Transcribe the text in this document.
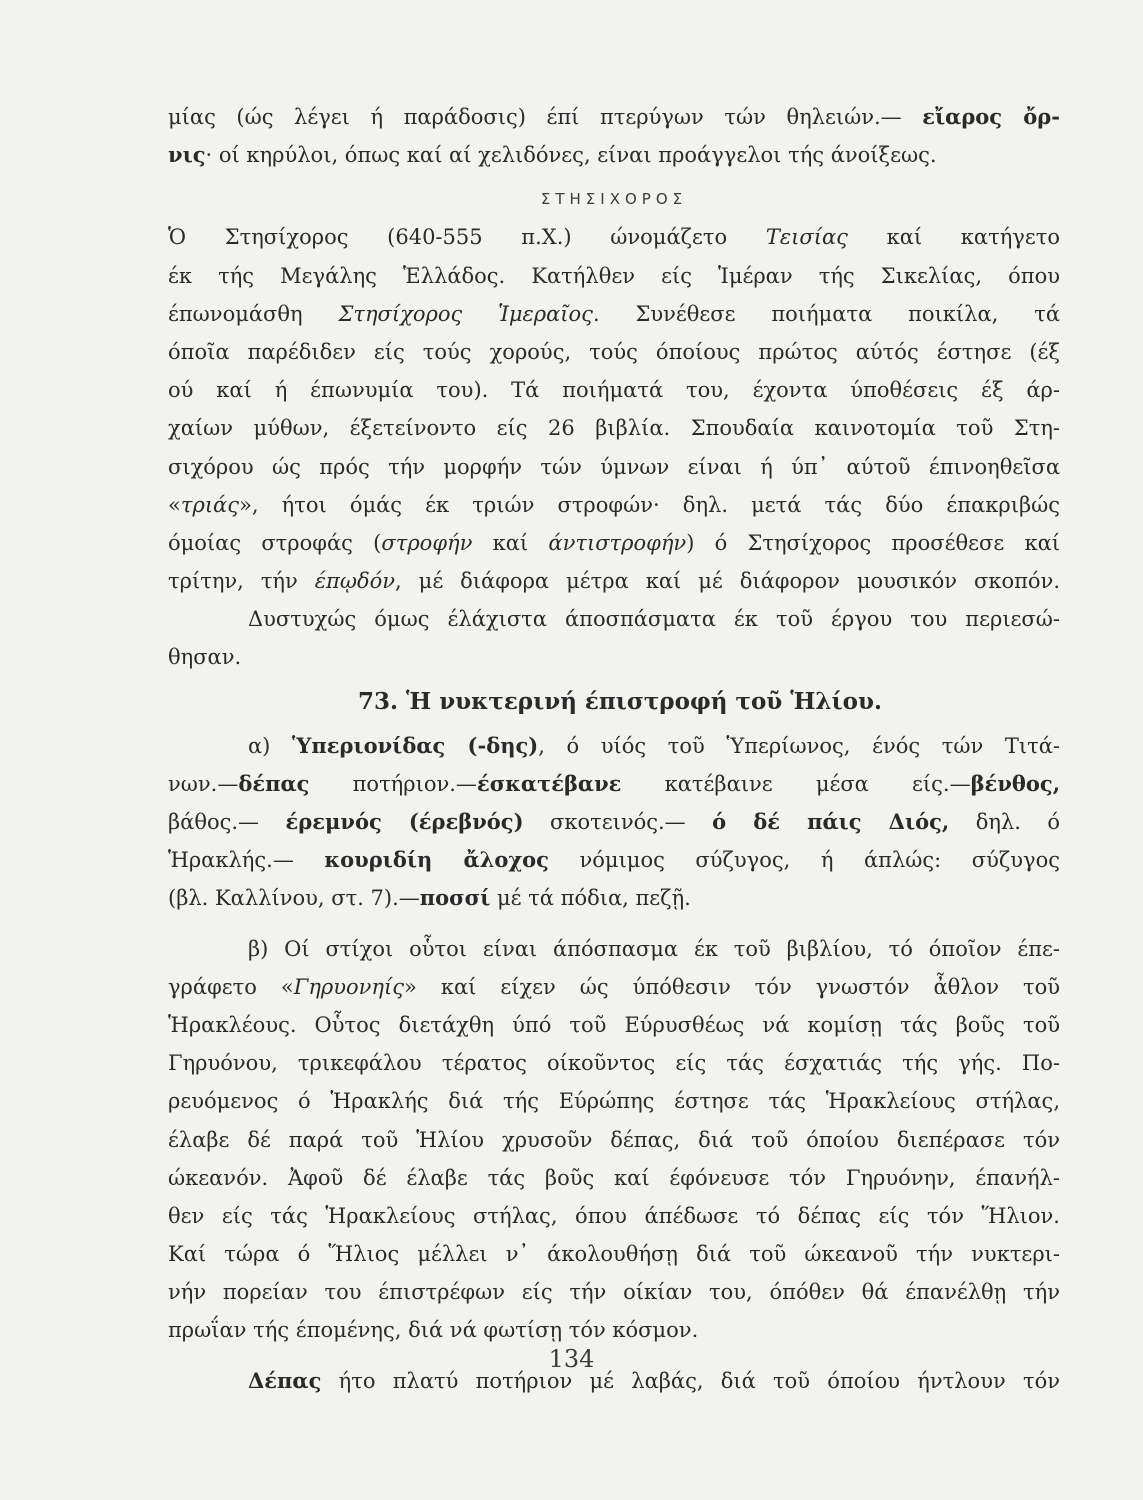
μίας (ώς λέγει ή παράδοσις) έπί πτερύγων τών θηλειών.— εἴαρος ὄρ-
νις· οί κηρύλοι, όπως καί αί χελιδόνες, είναι πρoάγγελοι τής άνοίξεως.
ΣΤΗΣΙΧΟΡΟΣ
Ὁ Στησίχορος (640-555 π.Χ.) ώνομάζετο Τεισίας καί κατήγετο
έκ τής Μεγάλης Ἑλλάδος. Κατήλθεν είς Ἱμέραν τής Σικελίας, όπου
έπωνομάσθη Στησίχορος Ἱμεραῖος. Συνέθεσε ποιήματα ποικίλα, τά
όποῖα παρέδιδεν είς τούς χορούς, τούς όποίους πρώτος αύτός έστησε (έξ
ού καί ή έπωνυμία του). Τά ποιήματά του, έχοντα ύποθέσεις έξ άρ-
χαίων μύθων, έξετείνοντο είς 26 βιβλία. Σπουδαία καινοτομία τοῦ Στη-
σιχόρου ώς πρός τήν μορφήν τών ύμνων είναι ή ύπ᾽ αύτοῦ έπινοηθεῖσα
«τριάς», ήτοι όμάς έκ τριών στροφών· δηλ. μετά τάς δύο έπακριβώς
όμοίας στροφάς (στροφήν καί άντιστροφήν) ό Στησίχορος προσέθεσε καί
τρίτην, τήν έπῳδόν, μέ διάφορα μέτρα καί μέ διάφορον μουσικόν σκοπόν.
Δυστυχώς όμως έλάχιστα άποσπάσματα έκ τοῦ έργου του περιεσώ-
θησαν.
73. Ἡ νυκτερινή έπιστροφή τοῦ Ἡλίου.
α) Ὑπεριονίδας (-δης), ό υίός τοῦ Ὑπερίωνος, ένός τών Τιτά-
νων.—δέπας ποτήριον.—έσκατέβανε κατέβαινε μέσα είς.—βένθος,
βάθος.— έρεμνός (έρεβνός) σκοτεινός.— ό δέ πάις Διός, δηλ. ό
Ἡρακλής.— κουριδίη ἄλοχος νόμιμος σύζυγος, ή άπλώς: σύζυγος
(βλ. Καλλίνου, στ. 7).—ποσσί μέ τά πόδια, πεζῇ.
β) Οί στίχοι οὗτοι είναι άπόσπασμα έκ τοῦ βιβλίου, τό όποῖον έπε-
γράφετο «Γηρυονηίς» καί είχεν ώς ύπόθεσιν τόν γνωστόν ἆθλον τοῦ
Ἡρακλέους. Οὗτος διετάχθη ύπό τοῦ Εύρυσθέως νά κομίσῃ τάς βοῦς τοῦ
Γηρυόνου, τρικεφάλου τέρατος οίκοῦντος είς τάς έσχατιάς τής γής. Πο-
ρευόμενος ό Ἡρακλής διά τής Εύρώπης έστησε τάς Ἡρακλείους στήλας,
έλαβε δέ παρά τοῦ Ἡλίου χρυσοῦν δέπας, διά τοῦ όποίου διεπέρασε τόν
ώκεανόν. Ἀφοῦ δέ έλαβε τάς βοῦς καί έφόνευσε τόν Γηρυόνην, έπανήλ-
θεν είς τάς Ἡρακλείους στήλας, όπου άπέδωσε τό δέπας είς τόν Ἥλιον.
Καί τώρα ό Ἥλιος μέλλει ν᾽ άκολουθήσῃ διά τοῦ ώκεανοῦ τήν νυκτερι-
νήν πορείαν του έπιστρέφων είς τήν οίκίαν του, όπόθεν θά έπανέλθῃ τήν
πρωΐαν τής έπομένης, διά νά φωτίσῃ τόν κόσμον.
Δέπας ήτο πλατύ ποτήριον μέ λαβάς, διά τοῦ όποίου ήντλουν τόν
134
